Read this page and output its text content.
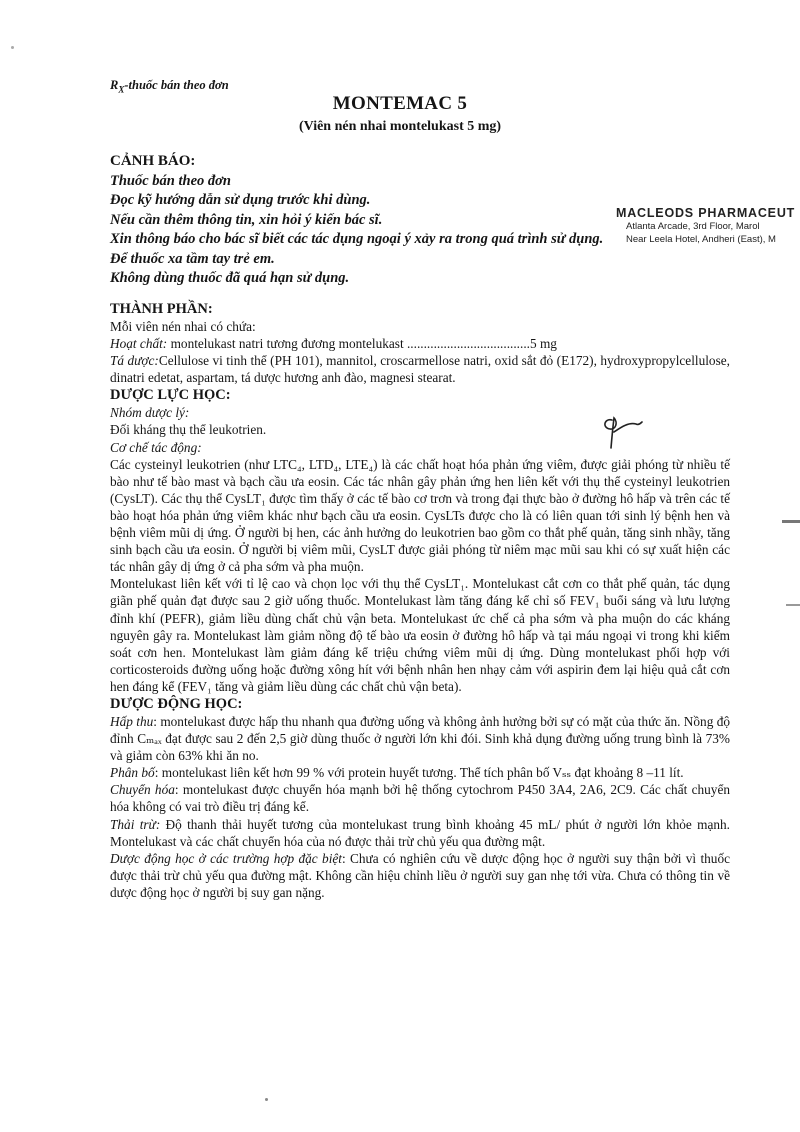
$R_X$-thuốc bán theo đơn
MONTEMAC 5
(Viên nén nhai montelukast 5 mg)
CẢNH BÁO:
Thuốc bán theo đơn
Đọc kỹ hướng dẫn sử dụng trước khi dùng.
Nếu cần thêm thông tin, xin hỏi ý kiến bác sĩ.
Xin thông báo cho bác sĩ biết các tác dụng ngoại ý xảy ra trong quá trình sử dụng.
Để thuốc xa tầm tay trẻ em.
Không dùng thuốc đã quá hạn sử dụng.
MACLEODS PHARMACEUT
Atlanta Arcade, 3rd Floor, Marol
Near Leela Hotel, Andheri (East), M

THÀNH PHẦN:

Mỗi viên nén nhai có chứa:

Hoạt chất: montelukast natri tương đương montelukast .....................................5 mg

Tá dược:Cellulose vi tinh thể (PH 101), mannitol, croscarmellose natri, oxid sắt đỏ (E172), hydroxypropylcellulose, dinatri edetat, aspartam, tá dược hương anh đào, magnesi stearat.

DƯỢC LỰC HỌC:

Nhóm dược lý:

Đối kháng thụ thể leukotrien.

Cơ chế tác động:

Các cysteinyl leukotrien (như LTC₄, LTD₄, LTE₄) là các chất hoạt hóa phản ứng viêm, được giải phóng từ nhiều tế bào như tế bào mast và bạch cầu ưa eosin. Các tác nhân gây phản ứng hen liên kết với thụ thể cysteinyl leukotrien (CysLT). Các thụ thể CysLT₁ được tìm thấy ở các tế bào cơ trơn và trong đại thực bào ở đường hô hấp và trên các tế bào hoạt hóa phản ứng viêm khác như bạch cầu ưa eosin. CysLTs được cho là có liên quan tới sinh lý bệnh hen và bệnh viêm mũi dị ứng. Ở người bị hen, các ảnh hưởng do leukotrien bao gồm co thắt phế quản, tăng sinh nhầy, tăng sinh bạch cầu ưa eosin. Ở người bị viêm mũi, CysLT được giải phóng từ niêm mạc mũi sau khi có sự xuất hiện các tác nhân gây dị ứng ở cả pha sớm và pha muộn.

Montelukast liên kết với tỉ lệ cao và chọn lọc với thụ thể CysLT₁. Montelukast cắt cơn co thắt phế quản, tác dụng giãn phế quản đạt được sau 2 giờ uống thuốc. Montelukast làm tăng đáng kể chỉ số FEV₁ buổi sáng và lưu lượng đỉnh khí (PEFR), giảm liều dùng chất chủ vận beta. Montelukast ức chế cả pha sớm và pha muộn do các kháng nguyên gây ra. Montelukast làm giảm nồng độ tế bào ưa eosin ở đường hô hấp và tại máu ngoại vi trong khi kiểm soát cơn hen. Montelukast làm giảm đáng kể triệu chứng viêm mũi dị ứng. Dùng montelukast phối hợp với corticosteroids đường uống hoặc đường xông hít với bệnh nhân hen nhạy cảm với aspirin đem lại hiệu quả cắt cơn hen đáng kể (FEV₁ tăng và giảm liều dùng các chất chủ vận beta).

DƯỢC ĐỘNG HỌC:

Hấp thu: montelukast được hấp thu nhanh qua đường uống và không ảnh hưởng bởi sự có mặt của thức ăn. Nồng độ đỉnh Cₘₐₓ đạt được sau 2 đến 2,5 giờ dùng thuốc ở người lớn khi đói. Sinh khả dụng đường uống trung bình là 73% và giảm còn 63% khi ăn no.

Phân bố: montelukast liên kết hơn 99 % với protein huyết tương. Thể tích phân bố Vₛₛ đạt khoảng 8 –11 lít.

Chuyển hóa: montelukast được chuyển hóa mạnh bởi hệ thống cytochrom P450 3A4, 2A6, 2C9. Các chất chuyển hóa không có vai trò điều trị đáng kể.

Thải trừ: Độ thanh thải huyết tương của montelukast trung bình khoảng 45 mL/ phút ở người lớn khỏe mạnh. Montelukast và các chất chuyển hóa của nó được thải trừ chủ yếu qua đường mật.

Dược động học ở các trường hợp đặc biệt: Chưa có nghiên cứu về dược động học ở người suy thận bởi vì thuốc được thải trừ chủ yếu qua đường mật. Không cần hiệu chỉnh liều ở người suy gan nhẹ tới vừa. Chưa có thông tin về dược động học ở người bị suy gan nặng.
